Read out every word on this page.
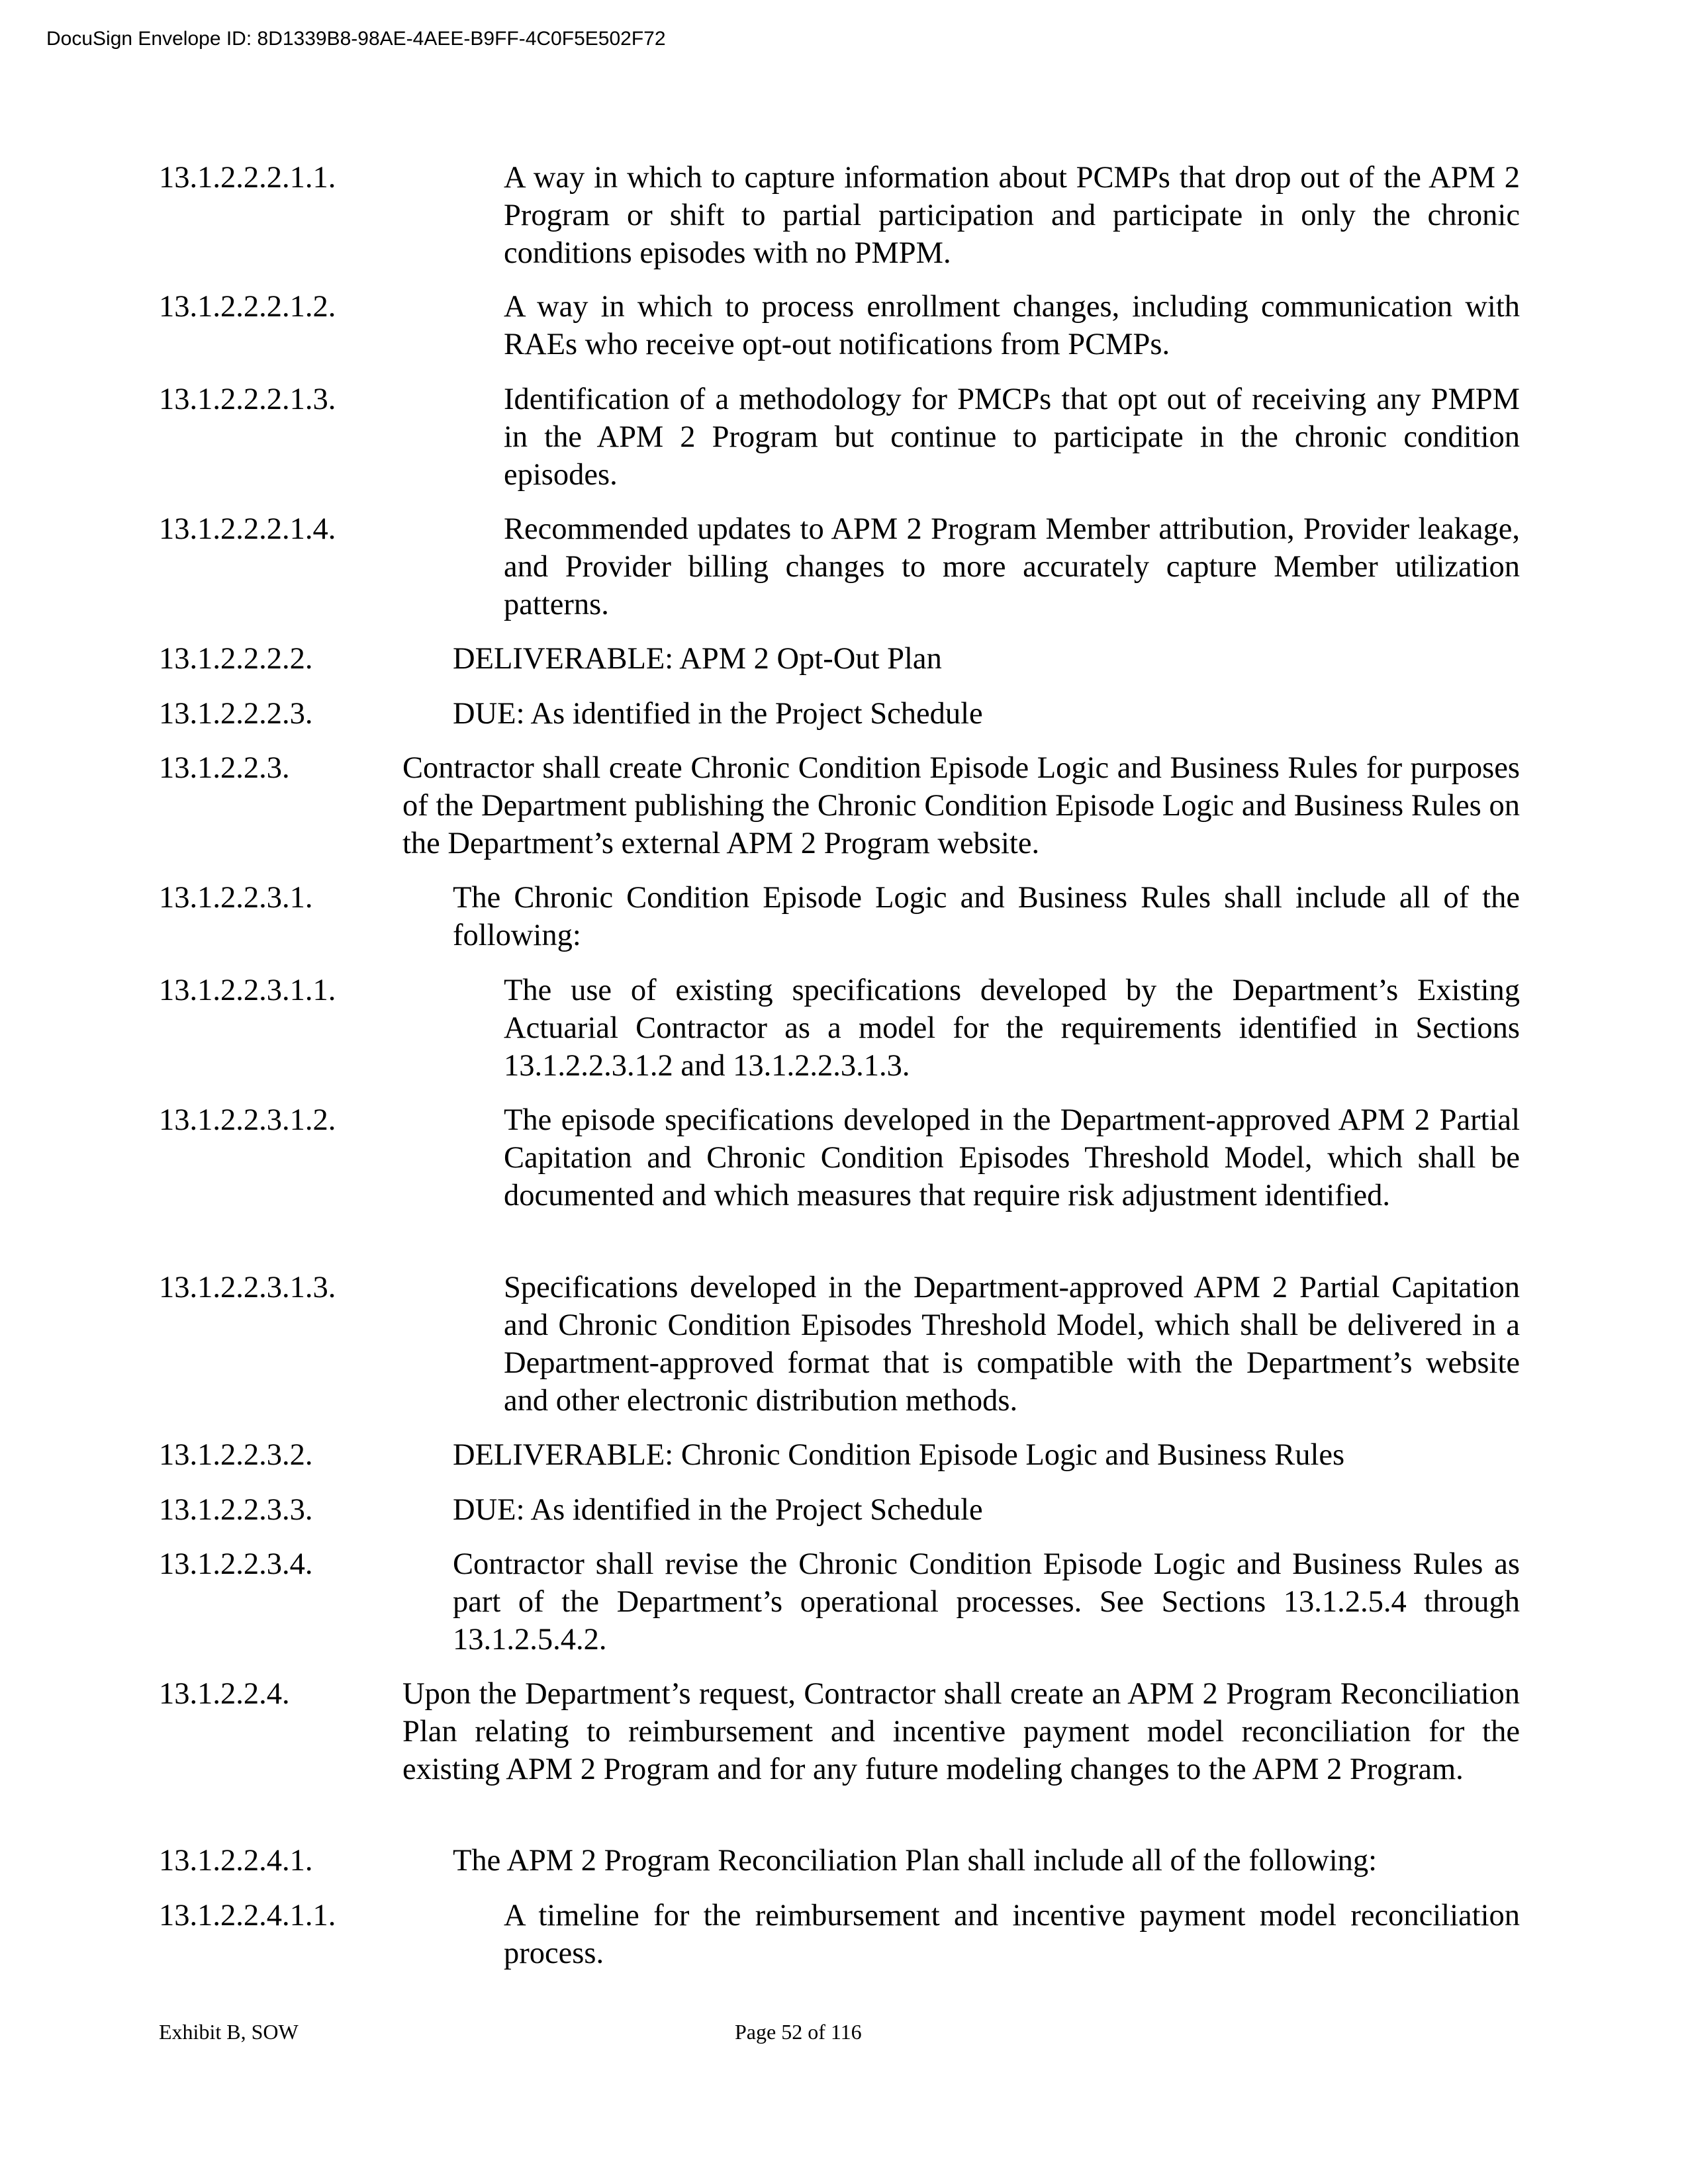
DocuSign Envelope ID: 8D1339B8-98AE-4AEE-B9FF-4C0F5E502F72
13.1.2.2.2.1.1.	A way in which to capture information about PCMPs that drop out of the APM 2 Program or shift to partial participation and participate in only the chronic conditions episodes with no PMPM.
13.1.2.2.2.1.2.	A way in which to process enrollment changes, including communication with RAEs who receive opt-out notifications from PCMPs.
13.1.2.2.2.1.3.	Identification of a methodology for PMCPs that opt out of receiving any PMPM in the APM 2 Program but continue to participate in the chronic condition episodes.
13.1.2.2.2.1.4.	Recommended updates to APM 2 Program Member attribution, Provider leakage, and Provider billing changes to more accurately capture Member utilization patterns.
13.1.2.2.2.2.	DELIVERABLE: APM 2 Opt-Out Plan
13.1.2.2.2.3.	DUE: As identified in the Project Schedule
13.1.2.2.3.	Contractor shall create Chronic Condition Episode Logic and Business Rules for purposes of the Department publishing the Chronic Condition Episode Logic and Business Rules on the Department’s external APM 2 Program website.
13.1.2.2.3.1.	The Chronic Condition Episode Logic and Business Rules shall include all of the following:
13.1.2.2.3.1.1.	The use of existing specifications developed by the Department’s Existing Actuarial Contractor as a model for the requirements identified in Sections 13.1.2.2.3.1.2 and 13.1.2.2.3.1.3.
13.1.2.2.3.1.2.	The episode specifications developed in the Department-approved APM 2 Partial Capitation and Chronic Condition Episodes Threshold Model, which shall be documented and which measures that require risk adjustment identified.
13.1.2.2.3.1.3.	Specifications developed in the Department-approved APM 2 Partial Capitation and Chronic Condition Episodes Threshold Model, which shall be delivered in a Department-approved format that is compatible with the Department’s website and other electronic distribution methods.
13.1.2.2.3.2.	DELIVERABLE: Chronic Condition Episode Logic and Business Rules
13.1.2.2.3.3.	DUE: As identified in the Project Schedule
13.1.2.2.3.4.	Contractor shall revise the Chronic Condition Episode Logic and Business Rules as part of the Department’s operational processes. See Sections 13.1.2.5.4 through 13.1.2.5.4.2.
13.1.2.2.4.	Upon the Department’s request, Contractor shall create an APM 2 Program Reconciliation Plan relating to reimbursement and incentive payment model reconciliation for the existing APM 2 Program and for any future modeling changes to the APM 2 Program.
13.1.2.2.4.1.	The APM 2 Program Reconciliation Plan shall include all of the following:
13.1.2.2.4.1.1.	A timeline for the reimbursement and incentive payment model reconciliation process.
Exhibit B, SOW	Page 52 of 116
